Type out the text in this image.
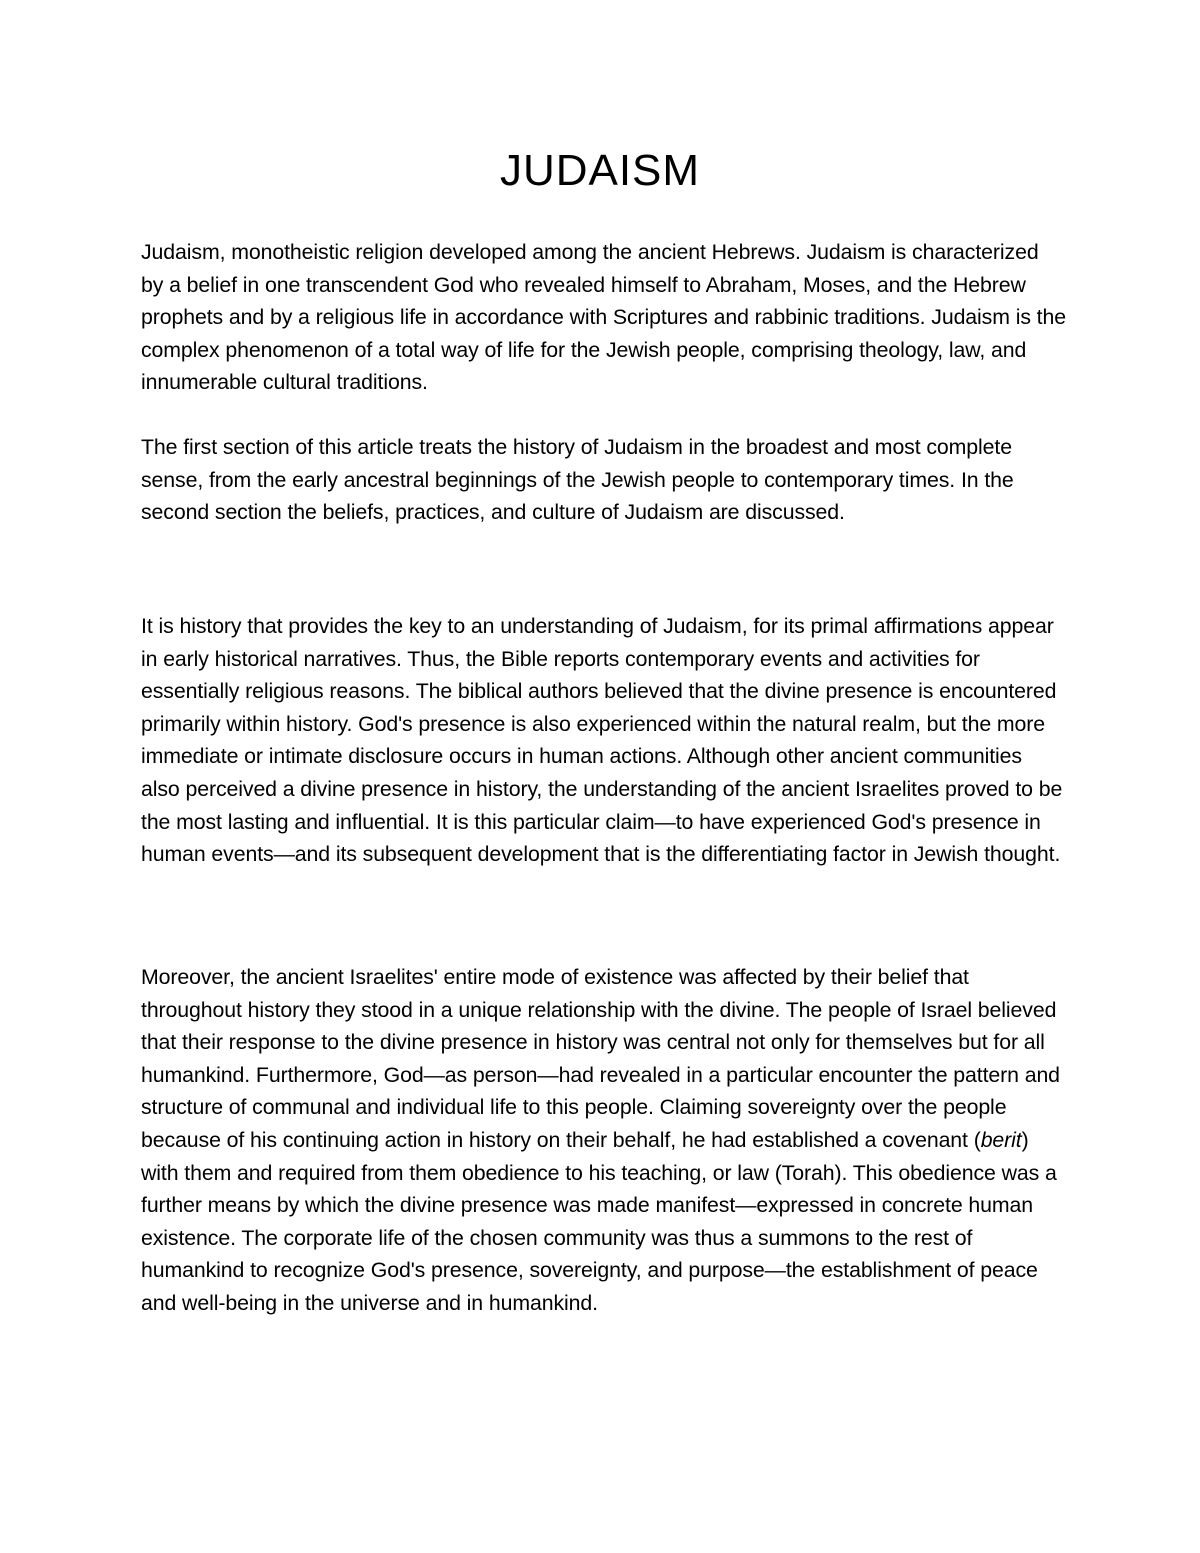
JUDAISM

Judaism, monotheistic religion developed among the ancient Hebrews. Judaism is characterized by a belief in one transcendent God who revealed himself to Abraham, Moses, and the Hebrew prophets and by a religious life in accordance with Scriptures and rabbinic traditions. Judaism is the complex phenomenon of a total way of life for the Jewish people, comprising theology, law, and innumerable cultural traditions.

The first section of this article treats the history of Judaism in the broadest and most complete sense, from the early ancestral beginnings of the Jewish people to contemporary times. In the second section the beliefs, practices, and culture of Judaism are discussed.

It is history that provides the key to an understanding of Judaism, for its primal affirmations appear in early historical narratives. Thus, the Bible reports contemporary events and activities for essentially religious reasons. The biblical authors believed that the divine presence is encountered primarily within history. God's presence is also experienced within the natural realm, but the more immediate or intimate disclosure occurs in human actions. Although other ancient communities also perceived a divine presence in history, the understanding of the ancient Israelites proved to be the most lasting and influential. It is this particular claim—to have experienced God's presence in human events—and its subsequent development that is the differentiating factor in Jewish thought.

Moreover, the ancient Israelites' entire mode of existence was affected by their belief that throughout history they stood in a unique relationship with the divine. The people of Israel believed that their response to the divine presence in history was central not only for themselves but for all humankind. Furthermore, God—as person—had revealed in a particular encounter the pattern and structure of communal and individual life to this people. Claiming sovereignty over the people because of his continuing action in history on their behalf, he had established a covenant (berit) with them and required from them obedience to his teaching, or law (Torah). This obedience was a further means by which the divine presence was made manifest—expressed in concrete human existence. The corporate life of the chosen community was thus a summons to the rest of humankind to recognize God's presence, sovereignty, and purpose—the establishment of peace and well-being in the universe and in humankind.
